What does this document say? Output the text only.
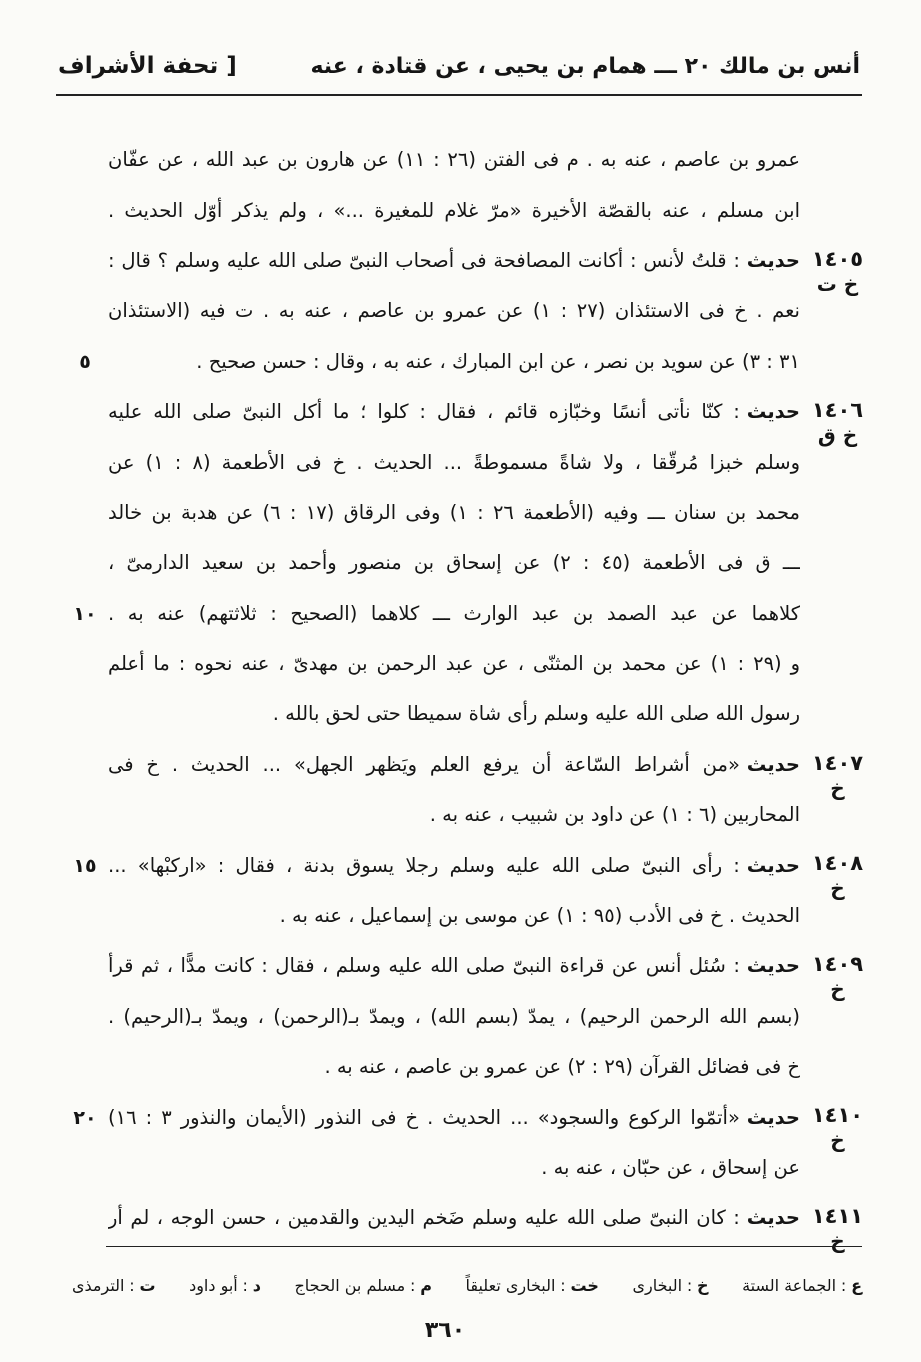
أنس بن مالك ٢٠ ـــ همام بن يحيى ، عن قتادة ، عنه
[ تحفة الأشراف
عمرو بن عاصم ، عنه به . م فى الفتن (٢٦ : ١١) عن هارون بن عبد الله ، عن عفّان
ابن مسلم ، عنه بالقصّة الأخيرة «مرّ غلام للمغيرة ...» ، ولم يذكر أوّل الحديث .
١٤٠٥
خ ت
حديث: قلتُ لأنس : أكانت المصافحة فى أصحاب النبىّ صلى الله عليه وسلم ؟ قال :
نعم . خ فى الاستئذان (٢٧ : ١) عن عمرو بن عاصم ، عنه به . ت فيه (الاستئذان
٣١ : ٣) عن سويد بن نصر ، عن ابن المبارك ، عنه به ، وقال : حسن صحيح .
٥
١٤٠٦
خ ق
حديث: كنّا نأتى أنسًا وخبّازه قائم ، فقال : كلوا ؛ ما أكل النبىّ صلى الله عليه
وسلم خبزا مُرقّقا ، ولا شاةً مسموطةً ... الحديث . خ فى الأطعمة (٨ : ١) عن
محمد بن سنان ـــ وفيه (الأطعمة ٢٦ : ١) وفى الرقاق (١٧ : ٦) عن هدبة بن خالد
ـــ ق فى الأطعمة (٤٥ : ٢) عن إسحاق بن منصور وأحمد بن سعيد الدارمىّ ،
كلاهما عن عبد الصمد بن عبد الوارث ـــ كلاهما (الصحيح : ثلاثتهم) عنه به .
١٠
و (٢٩ : ١) عن محمد بن المثنّى ، عن عبد الرحمن بن مهدىّ ، عنه نحوه : ما أعلم
رسول الله صلى الله عليه وسلم رأى شاة سميطا حتى لحق بالله .
١٤٠٧
خ
حديث«من أشراط السّاعة أن يرفع العلم ويَظهر الجهل» ... الحديث . خ فى
المحاربين (٦ : ١) عن داود بن شبيب ، عنه به .
١٤٠٨
خ
حديث: رأى النبىّ صلى الله عليه وسلم رجلا يسوق بدنة ، فقال : «اركبْها» ...
١٥
الحديث . خ فى الأدب (٩٥ : ١) عن موسى بن إسماعيل ، عنه به .
١٤٠٩
خ
حديث: سُئل أنس عن قراءة النبىّ صلى الله عليه وسلم ، فقال : كانت مدًّا ، ثم قرأ
(بسم الله الرحمن الرحيم) ، يمدّ (بسم الله) ، ويمدّ بـ(الرحمن) ، ويمدّ بـ(الرحيم) .
خ فى فضائل القرآن (٢٩ : ٢) عن عمرو بن عاصم ، عنه به .
١٤١٠
خ
حديث«أتمّوا الركوع والسجود» ... الحديث . خ فى النذور (الأيمان والنذور ٣ : ١٦)
٢٠
عن إسحاق ، عن حبّان ، عنه به .
١٤١١
خ
حديث: كان النبىّ صلى الله عليه وسلم ضَخم اليدين والقدمين ، حسن الوجه ، لم أر
ع:الجماعة الستة
خ:البخارى
خت:البخارى تعليقاً
م:مسلم بن الحجاج
د:أبو داود
ت:الترمذى
٣٦٠
